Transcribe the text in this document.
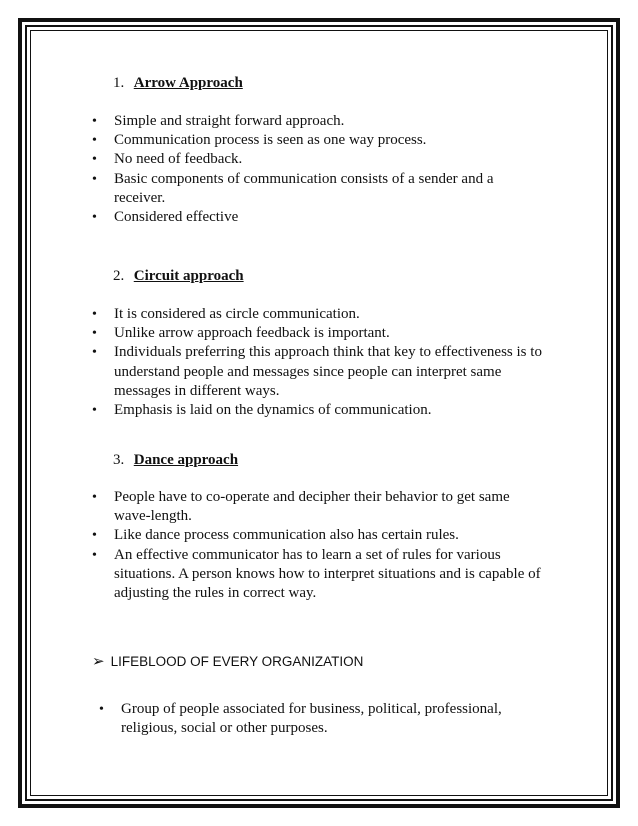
1. Arrow Approach
• Simple and straight forward approach.
• Communication process is seen as one way process.
• No need of feedback.
• Basic components of communication consists of a sender and a receiver.
• Considered effective
2. Circuit approach
• It is considered as circle communication.
• Unlike arrow approach feedback is important.
• Individuals preferring this approach think that key to effectiveness is to understand people and messages since people can interpret same messages in different ways.
• Emphasis is laid on the dynamics of communication.
3. Dance approach
• People have to co-operate and decipher their behavior to get same wave-length.
• Like dance process communication also has certain rules.
• An effective communicator has to learn a set of rules for various situations. A person knows how to interpret situations and is capable of adjusting the rules in correct way.
➢ LIFEBLOOD OF EVERY ORGANIZATION
• Group of people associated for business, political, professional, religious, social or other purposes.
